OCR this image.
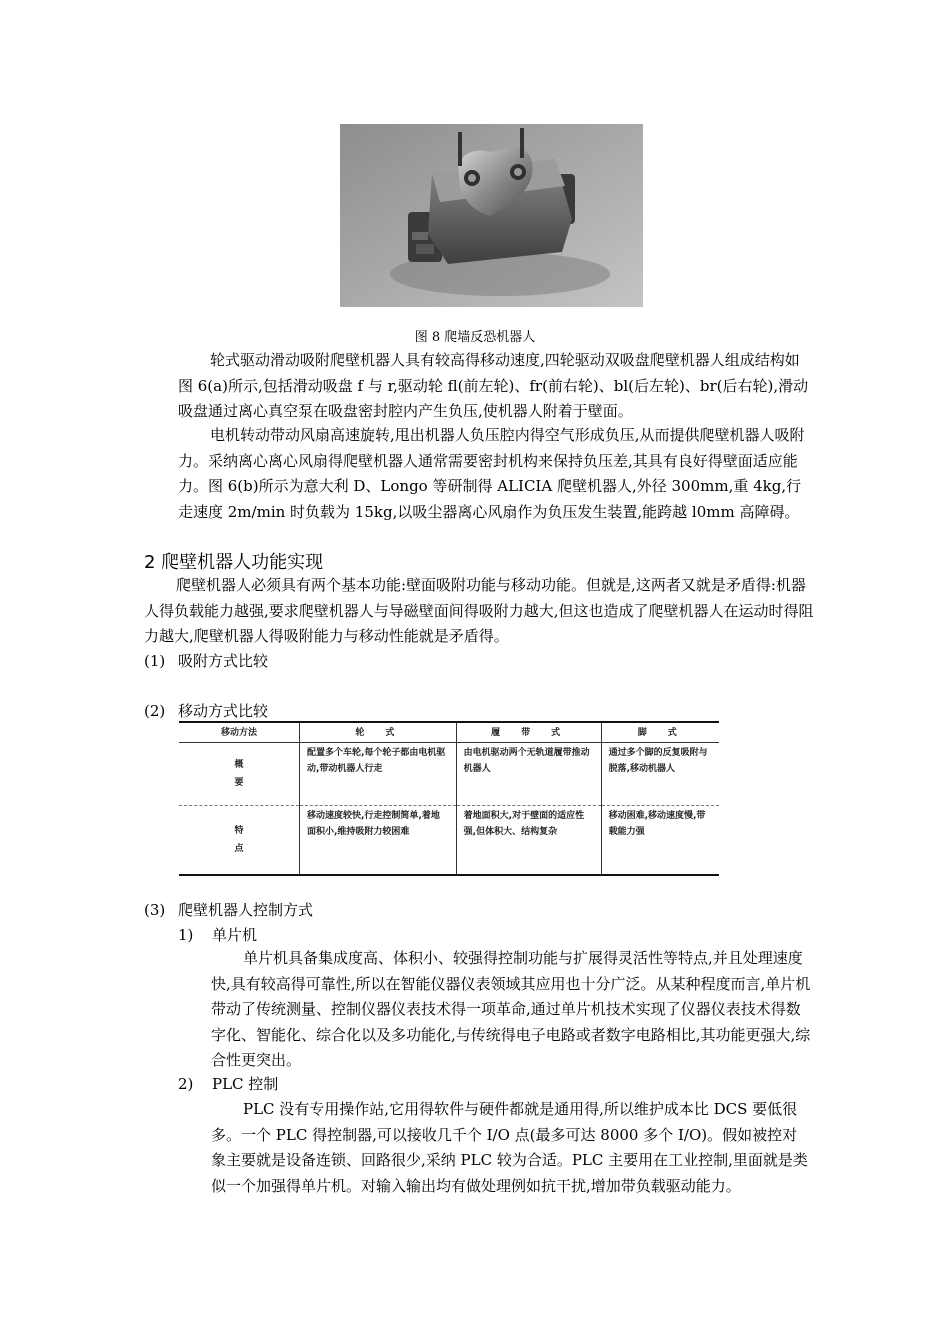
图 8 爬墙反恐机器人

轮式驱动滑动吸附爬壁机器人具有较高得移动速度,四轮驱动双吸盘爬壁机器人组成结构如图 6(a)所示,包括滑动吸盘 f 与 r,驱动轮 fl(前左轮)、fr(前右轮)、bl(后左轮)、br(后右轮),滑动吸盘通过离心真空泵在吸盘密封腔内产生负压,使机器人附着于壁面。

电机转动带动风扇高速旋转,甩出机器人负压腔内得空气形成负压,从而提供爬壁机器人吸附力。采纳离心离心风扇得爬壁机器人通常需要密封机构来保持负压差,其具有良好得壁面适应能力。图 6(b)所示为意大利 D、Longo 等研制得 ALICIA 爬壁机器人,外径 300mm,重 4kg,行走速度 2m/min 时负载为 15kg,以吸尘器离心风扇作为负压发生装置,能跨越 l0mm 高障碍。

2 爬壁机器人功能实现

爬壁机器人必须具有两个基本功能:壁面吸附功能与移动功能。但就是,这两者又就是矛盾得:机器人得负载能力越强,要求爬壁机器人与导磁壁面间得吸附力越大,但这也造成了爬壁机器人在运动时得阻力越大,爬壁机器人得吸附能力与移动性能就是矛盾得。

(1) 吸附方式比较
(2) 移动方式比较
移动方法	轮　式	履　带　式	脚　式

概要	配置多个车轮,每个轮子都由电机驱动,带动机器人行走	由电机驱动两个无轨道履带推动机器人	通过多个脚的反复吸附与脱落,移动机器人

特点	移动速度较快,行走控制简单,着地面积小,维持吸附力较困难	着地面积大,对于壁面的适应性强,但体积大、结构复杂	移动困难,移动速度慢,带载能力强
(3) 爬壁机器人控制方式
1) 单片机

单片机具备集成度高、体积小、较强得控制功能与扩展得灵活性等特点,并且处理速度快,具有较高得可靠性,所以在智能仪器仪表领域其应用也十分广泛。从某种程度而言,单片机带动了传统测量、控制仪器仪表技术得一项革命,通过单片机技术实现了仪器仪表技术得数字化、智能化、综合化以及多功能化,与传统得电子电路或者数字电路相比,其功能更强大,综合性更突出。

2) PLC 控制

PLC 没有专用操作站,它用得软件与硬件都就是通用得,所以维护成本比 DCS 要低很多。一个 PLC 得控制器,可以接收几千个 I/O 点(最多可达 8000 多个 I/O)。假如被控对象主要就是设备连锁、回路很少,采纳 PLC 较为合适。PLC 主要用在工业控制,里面就是类似一个加强得单片机。对输入输出均有做处理例如抗干扰,增加带负载驱动能力。
